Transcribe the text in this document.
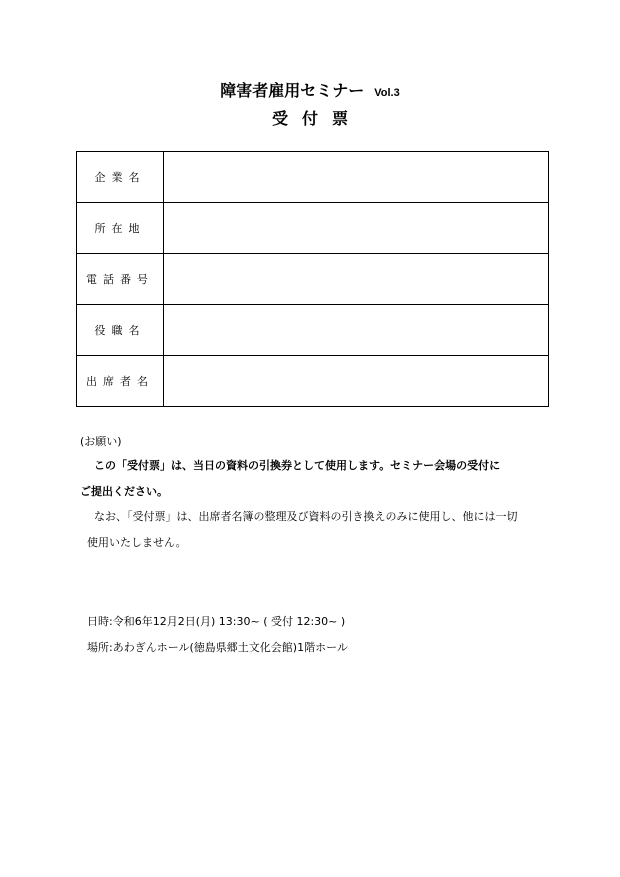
障害者雇用セミナー Vol.3
受付票
企業名	
所在地	
電話番号	
役職名	
出席者名	
(お願い)
この「受付票」は、当日の資料の引換券として使用します。セミナー会場の受付に
ご提出ください。
なお、「受付票」は、出席者名簿の整理及び資料の引き換えのみに使用し、他には一切
使用いたしません。
日時:令和6年12月2日(月) 13:30~ ( 受付 12:30~ )
場所:あわぎんホール(徳島県郷土文化会館)1階ホール
